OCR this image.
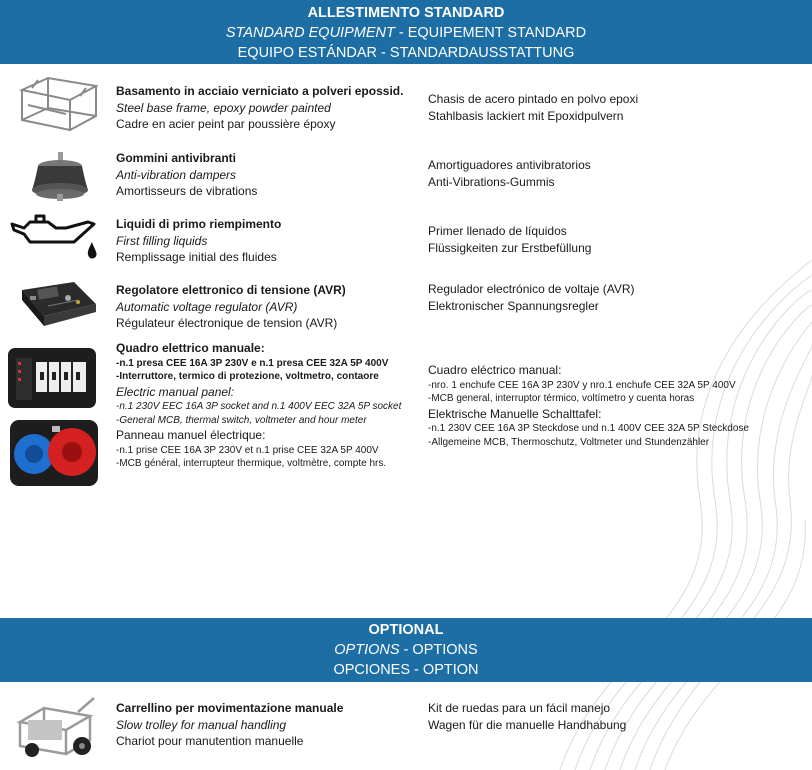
ALLESTIMENTO STANDARD
STANDARD EQUIPMENT - EQUIPEMENT STANDARD
EQUIPO ESTÁNDAR - STANDARDAUSSTATTUNG
Basamento in acciaio verniciato a polveri epossid.
Steel base frame, epoxy powder painted
Cadre en acier peint par poussière époxy
Chasis de acero pintado en polvo epoxi
Stahlbasis lackiert mit Epoxidpulvern
Gommini antivibranti
Anti-vibration dampers
Amortisseurs de vibrations
Amortiguadores antivibratorios
Anti-Vibrations-Gummis
Liquidi di primo riempimento
First filling liquids
Remplissage initial des fluides
Primer llenado de líquidos
Flüssigkeiten zur Erstbefüllung
Regolatore elettronico di tensione (AVR)
Automatic voltage regulator (AVR)
Régulateur électronique de tension (AVR)
Regulador electrónico de voltaje (AVR)
Elektronischer Spannungsregler
Quadro elettrico manuale:
-n.1 presa CEE 16A 3P 230V e n.1 presa CEE 32A 5P 400V
-Interruttore, termico di protezione, voltmetro, contaore
Electric manual panel:
-n.1 230V EEC 16A 3P socket and n.1 400V EEC 32A 5P socket
-General MCB, thermal switch, voltmeter and hour meter
Panneau manuel électrique:
-n.1 prise CEE 16A 3P 230V et n.1 prise CEE 32A 5P 400V
-MCB général, interrupteur thermique, voltmètre, compte hrs.
Cuadro eléctrico manual:
-nro. 1 enchufe CEE 16A 3P 230V y nro.1 enchufe CEE 32A 5P 400V
-MCB general, interruptor térmico, voltímetro y cuenta horas
Elektrische Manuelle Schalttafel:
-n.1 230V CEE 16A 3P Steckdose und n.1 400V CEE 32A 5P Steckdose
-Allgemeine MCB, Thermoschutz, Voltmeter und Stundenzähler
OPTIONAL
OPTIONS - OPTIONS
OPCIONES - OPTION
Carrellino per movimentazione manuale
Slow trolley for manual handling
Chariot pour manutention manuelle
Kit de ruedas para un fácil manejo
Wagen für die manuelle Handhabung
